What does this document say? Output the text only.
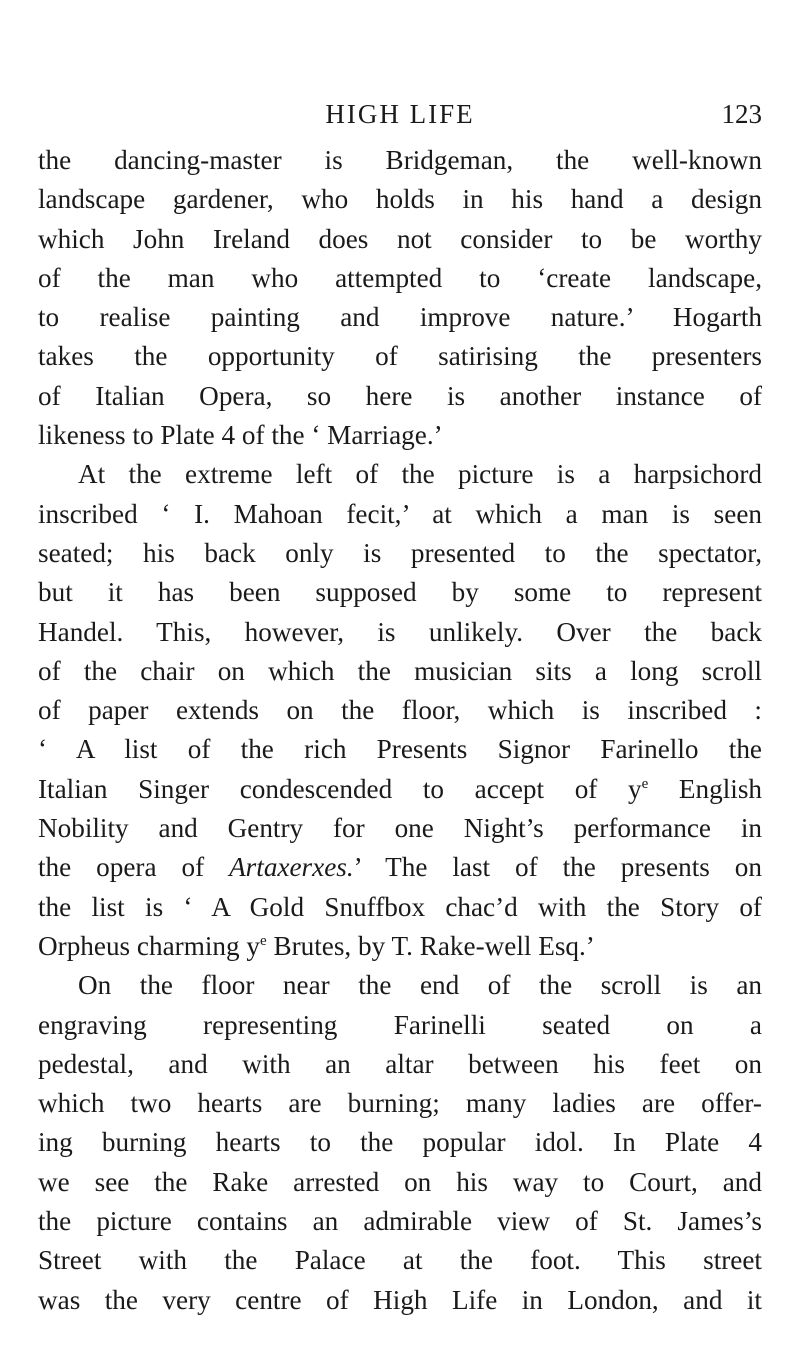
HIGH LIFE	123
the dancing-master is Bridgeman, the well-known
landscape gardener, who holds in his hand a design
which John Ireland does not consider to be worthy
of the man who attempted to ‘create landscape,
to realise painting and improve nature.’ Hogarth
takes the opportunity of satirising the presenters
of Italian Opera, so here is another instance of
likeness to Plate 4 of the ‘ Marriage.’
At the extreme left of the picture is a harpsichord
inscribed ‘ I. Mahoan fecit,’ at which a man is seen
seated; his back only is presented to the spectator,
but it has been supposed by some to represent
Handel. This, however, is unlikely. Over the back
of the chair on which the musician sits a long scroll
of paper extends on the floor, which is inscribed :
‘ A list of the rich Presents Signor Farinello the
Italian Singer condescended to accept of $y^e$ English
Nobility and Gentry for one Night’s performance in
the opera of Artaxerxes.’ The last of the presents on
the list is ‘ A Gold Snuffbox chac’d with the Story of
Orpheus charming $y^e$ Brutes, by T. Rake-well Esq.’
On the floor near the end of the scroll is an
engraving representing Farinelli seated on a
pedestal, and with an altar between his feet on
which two hearts are burning; many ladies are offer-
ing burning hearts to the popular idol. In Plate 4
we see the Rake arrested on his way to Court, and
the picture contains an admirable view of St. James’s
Street with the Palace at the foot. This street
was the very centre of High Life in London, and it
